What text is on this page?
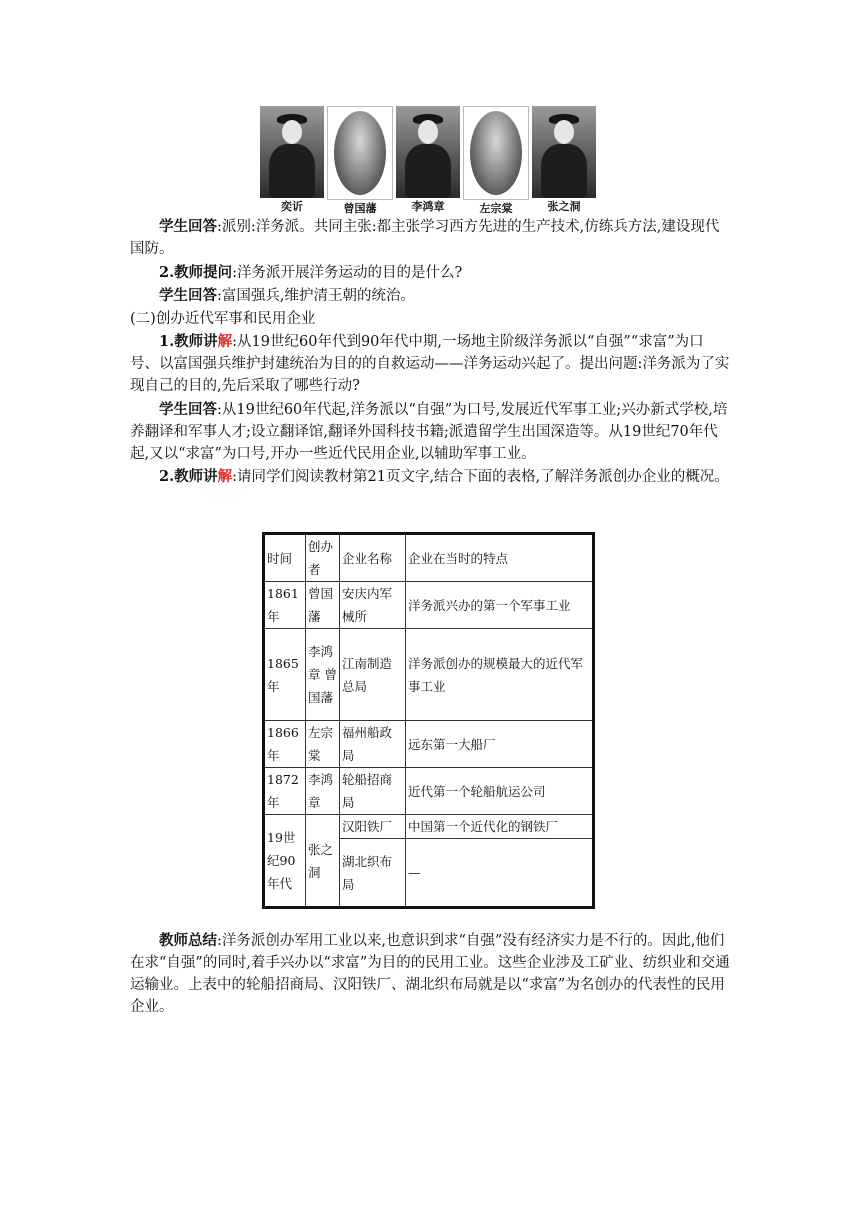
奕䜣	曾国藩	李鸿章	左宗棠	张之洞

学生回答:派别:洋务派。共同主张:都主张学习西方先进的生产技术,仿练兵方法,建设现代国防。

2.教师提问:洋务派开展洋务运动的目的是什么?

学生回答:富国强兵,维护清王朝的统治。

(二)创办近代军事和民用企业

1.教师讲解:从19世纪60年代到90年代中期,一场地主阶级洋务派以“自强”“求富”为口号、以富国强兵维护封建统治为目的的自救运动——洋务运动兴起了。提出问题:洋务派为了实现自己的目的,先后采取了哪些行动?

学生回答:从19世纪60年代起,洋务派以“自强”为口号,发展近代军事工业;兴办新式学校,培养翻译和军事人才;设立翻译馆,翻译外国科技书籍;派遣留学生出国深造等。从19世纪70年代起,又以“求富”为口号,开办一些近代民用企业,以辅助军事工业。

2.教师讲解:请同学们阅读教材第21页文字,结合下面的表格,了解洋务派创办企业的概况。

时间	创办者	企业名称	企业在当时的特点
1861年	曾国藩	安庆内军械所	洋务派兴办的第一个军事工业
1865年	李鸿章 曾国藩	江南制造总局	洋务派创办的规模最大的近代军事工业
1866年	左宗棠	福州船政局	远东第一大船厂
1872年	李鸿章	轮船招商局	近代第一个轮船航运公司
19世纪90年代	张之洞	汉阳铁厂	中国第一个近代化的钢铁厂
		湖北织布局	—

教师总结:洋务派创办军用工业以来,也意识到求“自强”没有经济实力是不行的。因此,他们在求“自强”的同时,着手兴办以“求富”为目的的民用工业。这些企业涉及工矿业、纺织业和交通运输业。上表中的轮船招商局、汉阳铁厂、湖北织布局就是以“求富”为名创办的代表性的民用企业。
